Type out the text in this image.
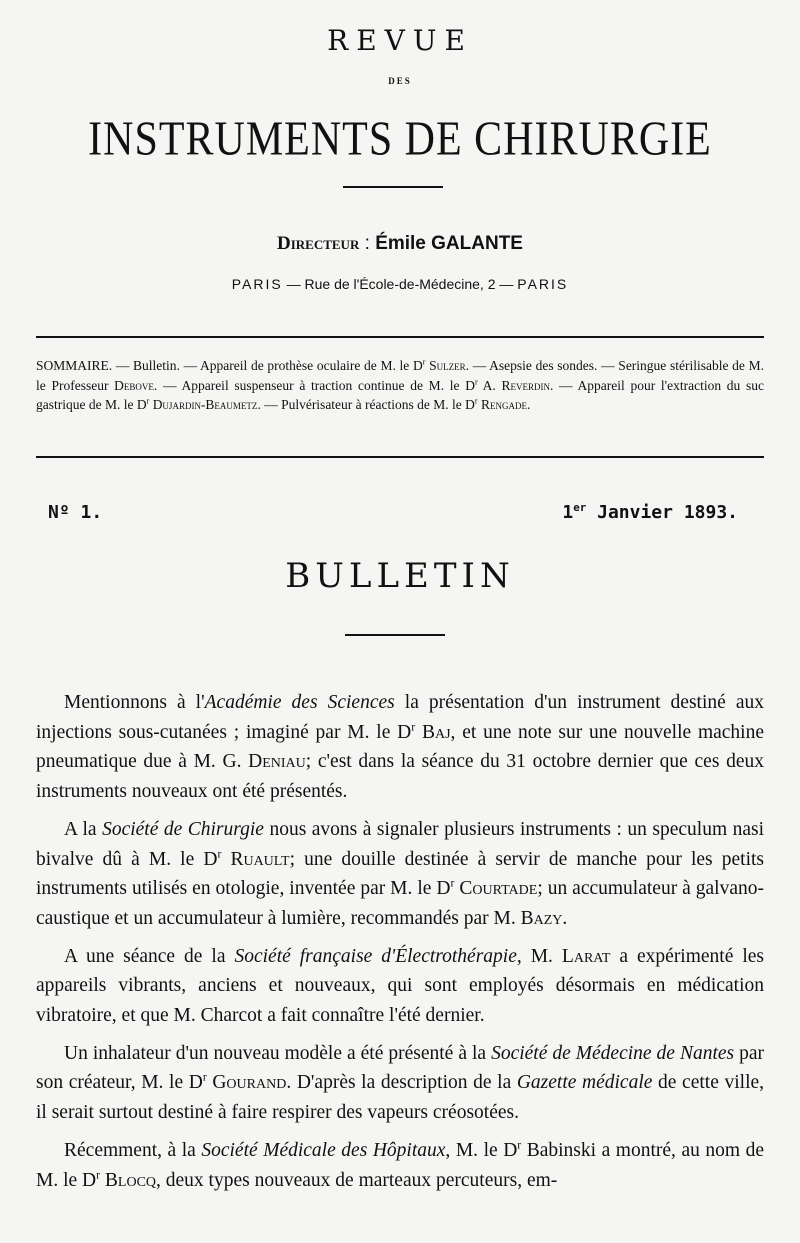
REVUE
DES
INSTRUMENTS DE CHIRURGIE
Directeur : Émile GALANTE
PARIS — Rue de l'École-de-Médecine, 2 — PARIS
SOMMAIRE. — Bulletin. — Appareil de prothèse oculaire de M. le $D^r$ Sulzer. — Asepsie des sondes. — Seringue stérilisable de M. le Professeur Debove. — Appareil suspenseur à traction continue de M. le $D^r$ A. Reverdin. — Appareil pour l'extraction du suc gastrique de M. le $D^r$ Dujardin-Beaumetz. — Pulvérisateur à réactions de M. le $D^r$ Rengade.
Nº 1.	1er Janvier 1893.
BULLETIN

Mentionnons à l'Académie des Sciences la présentation d'un instrument destiné aux injections sous-cutanées ; imaginé par M. le $D^r$ Baj, et une note sur une nouvelle machine pneumatique due à M. G. Deniau; c'est dans la séance du 31 octobre dernier que ces deux instruments nouveaux ont été présentés.

A la Société de Chirurgie nous avons à signaler plusieurs instruments : un speculum nasi bivalve dû à M. le $D^r$ Ruault; une douille destinée à servir de manche pour les petits instruments utilisés en otologie, inventée par M. le $D^r$ Courtade; un accumulateur à galvano-caustique et un accumulateur à lumière, recommandés par M. Bazy.

A une séance de la Société française d'Électrothérapie, M. Larat a expérimenté les appareils vibrants, anciens et nouveaux, qui sont employés désormais en médication vibratoire, et que M. Charcot a fait connaître l'été dernier.

Un inhalateur d'un nouveau modèle a été présenté à la Société de Médecine de Nantes par son créateur, M. le $D^r$ Gourand. D'après la description de la Gazette médicale de cette ville, il serait surtout destiné à faire respirer des vapeurs créosotées.

Récemment, à la Société Médicale des Hôpitaux, M. le $D^r$ Babinski a montré, au nom de M. le $D^r$ Blocq, deux types nouveaux de marteaux percuteurs, em-
